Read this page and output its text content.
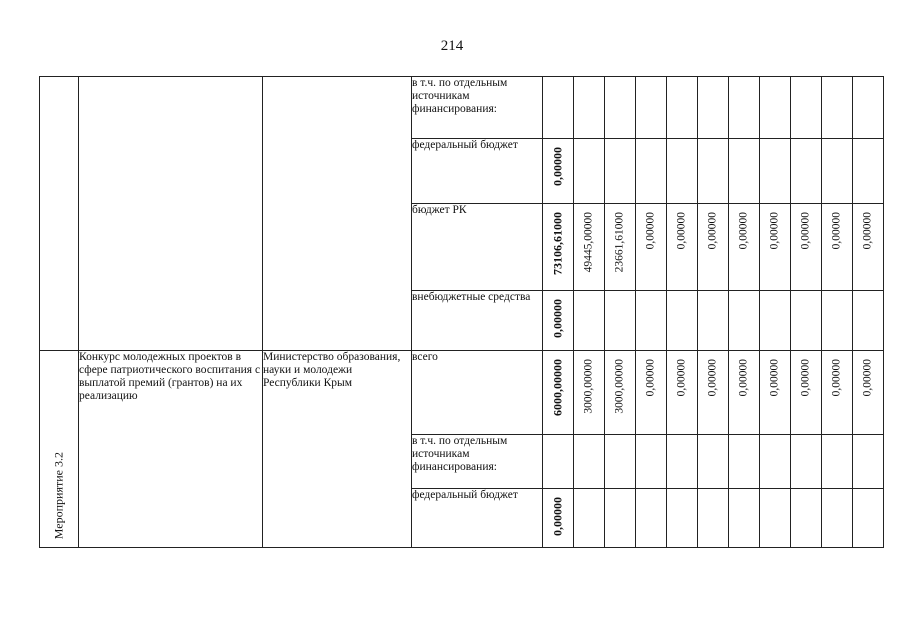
214
			в т.ч. по отдельным источникам финансирования:											
			федеральный бюджет	0,00000										

			бюджет РК	73106,61000	49445,00000	23661,61000	0,00000	0,00000	0,00000	0,00000	0,00000	0,00000	0,00000	0,00000

			внебюджетные средства	0,00000										

Мероприятие 3.2	Конкурс молодежных проектов в сфере патриотического воспитания с выплатой премий (грантов) на их реализацию	Министерство образования, науки и молодежи Республики Крым	всего	6000,00000	3000,00000	3000,00000	0,00000	0,00000	0,00000	0,00000	0,00000	0,00000	0,00000	0,00000

			в т.ч. по отдельным источникам финансирования:											
			федеральный бюджет	0,00000										
